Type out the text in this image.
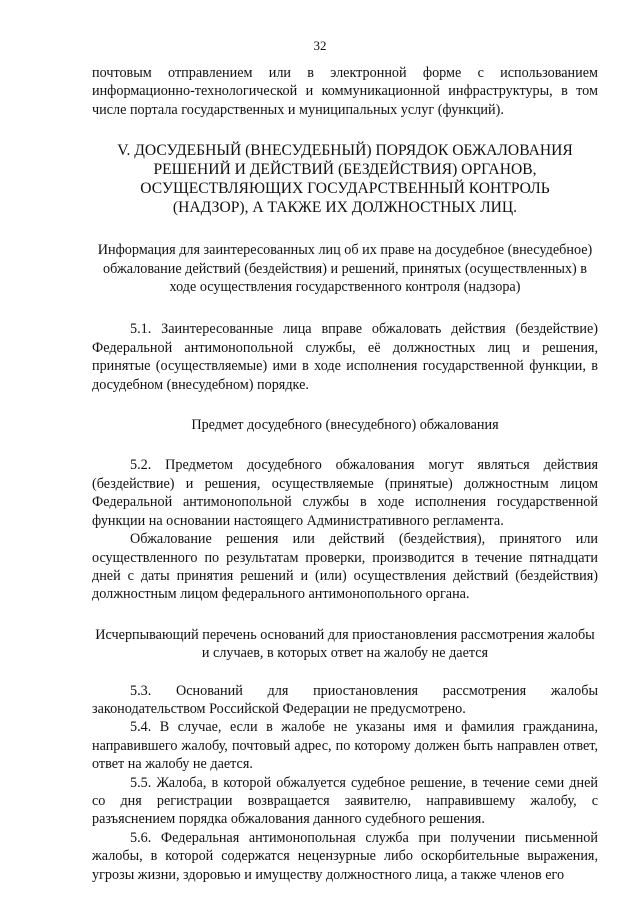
32

почтовым отправлением или в электронной форме с использованием информационно-технологической и коммуникационной инфраструктуры, в том числе портала государственных и муниципальных услуг (функций).

V. ДОСУДЕБНЫЙ (ВНЕСУДЕБНЫЙ) ПОРЯДОК ОБЖАЛОВАНИЯ РЕШЕНИЙ И ДЕЙСТВИЙ (БЕЗДЕЙСТВИЯ) ОРГАНОВ, ОСУЩЕСТВЛЯЮЩИХ ГОСУДАРСТВЕННЫЙ КОНТРОЛЬ (НАДЗОР), А ТАКЖЕ ИХ ДОЛЖНОСТНЫХ ЛИЦ.
Информация для заинтересованных лиц об их праве на досудебное (внесудебное) обжалование действий (бездействия) и решений, принятых (осуществленных) в ходе осуществления государственного контроля (надзора)

5.1. Заинтересованные лица вправе обжаловать действия (бездействие) Федеральной антимонопольной службы, её должностных лиц и решения, принятые (осуществляемые) ими в ходе исполнения государственной функции, в досудебном (внесудебном) порядке.

Предмет досудебного (внесудебного) обжалования

5.2. Предметом досудебного обжалования могут являться действия (бездействие) и решения, осуществляемые (принятые) должностным лицом Федеральной антимонопольной службы в ходе исполнения государственной функции на основании настоящего Административного регламента.

Обжалование решения или действий (бездействия), принятого или осуществленного по результатам проверки, производится в течение пятнадцати дней с даты принятия решений и (или) осуществления действий (бездействия) должностным лицом федерального антимонопольного органа.

Исчерпывающий перечень оснований для приостановления рассмотрения жалобы и случаев, в которых ответ на жалобу не дается

5.3. Оснований для приостановления рассмотрения жалобы законодательством Российской Федерации не предусмотрено.

5.4. В случае, если в жалобе не указаны имя и фамилия гражданина, направившего жалобу, почтовый адрес, по которому должен быть направлен ответ, ответ на жалобу не дается.

5.5. Жалоба, в которой обжалуется судебное решение, в течение семи дней со дня регистрации возвращается заявителю, направившему жалобу, с разъяснением порядка обжалования данного судебного решения.

5.6. Федеральная антимонопольная служба при получении письменной жалобы, в которой содержатся нецензурные либо оскорбительные выражения, угрозы жизни, здоровью и имуществу должностного лица, а также членов его
